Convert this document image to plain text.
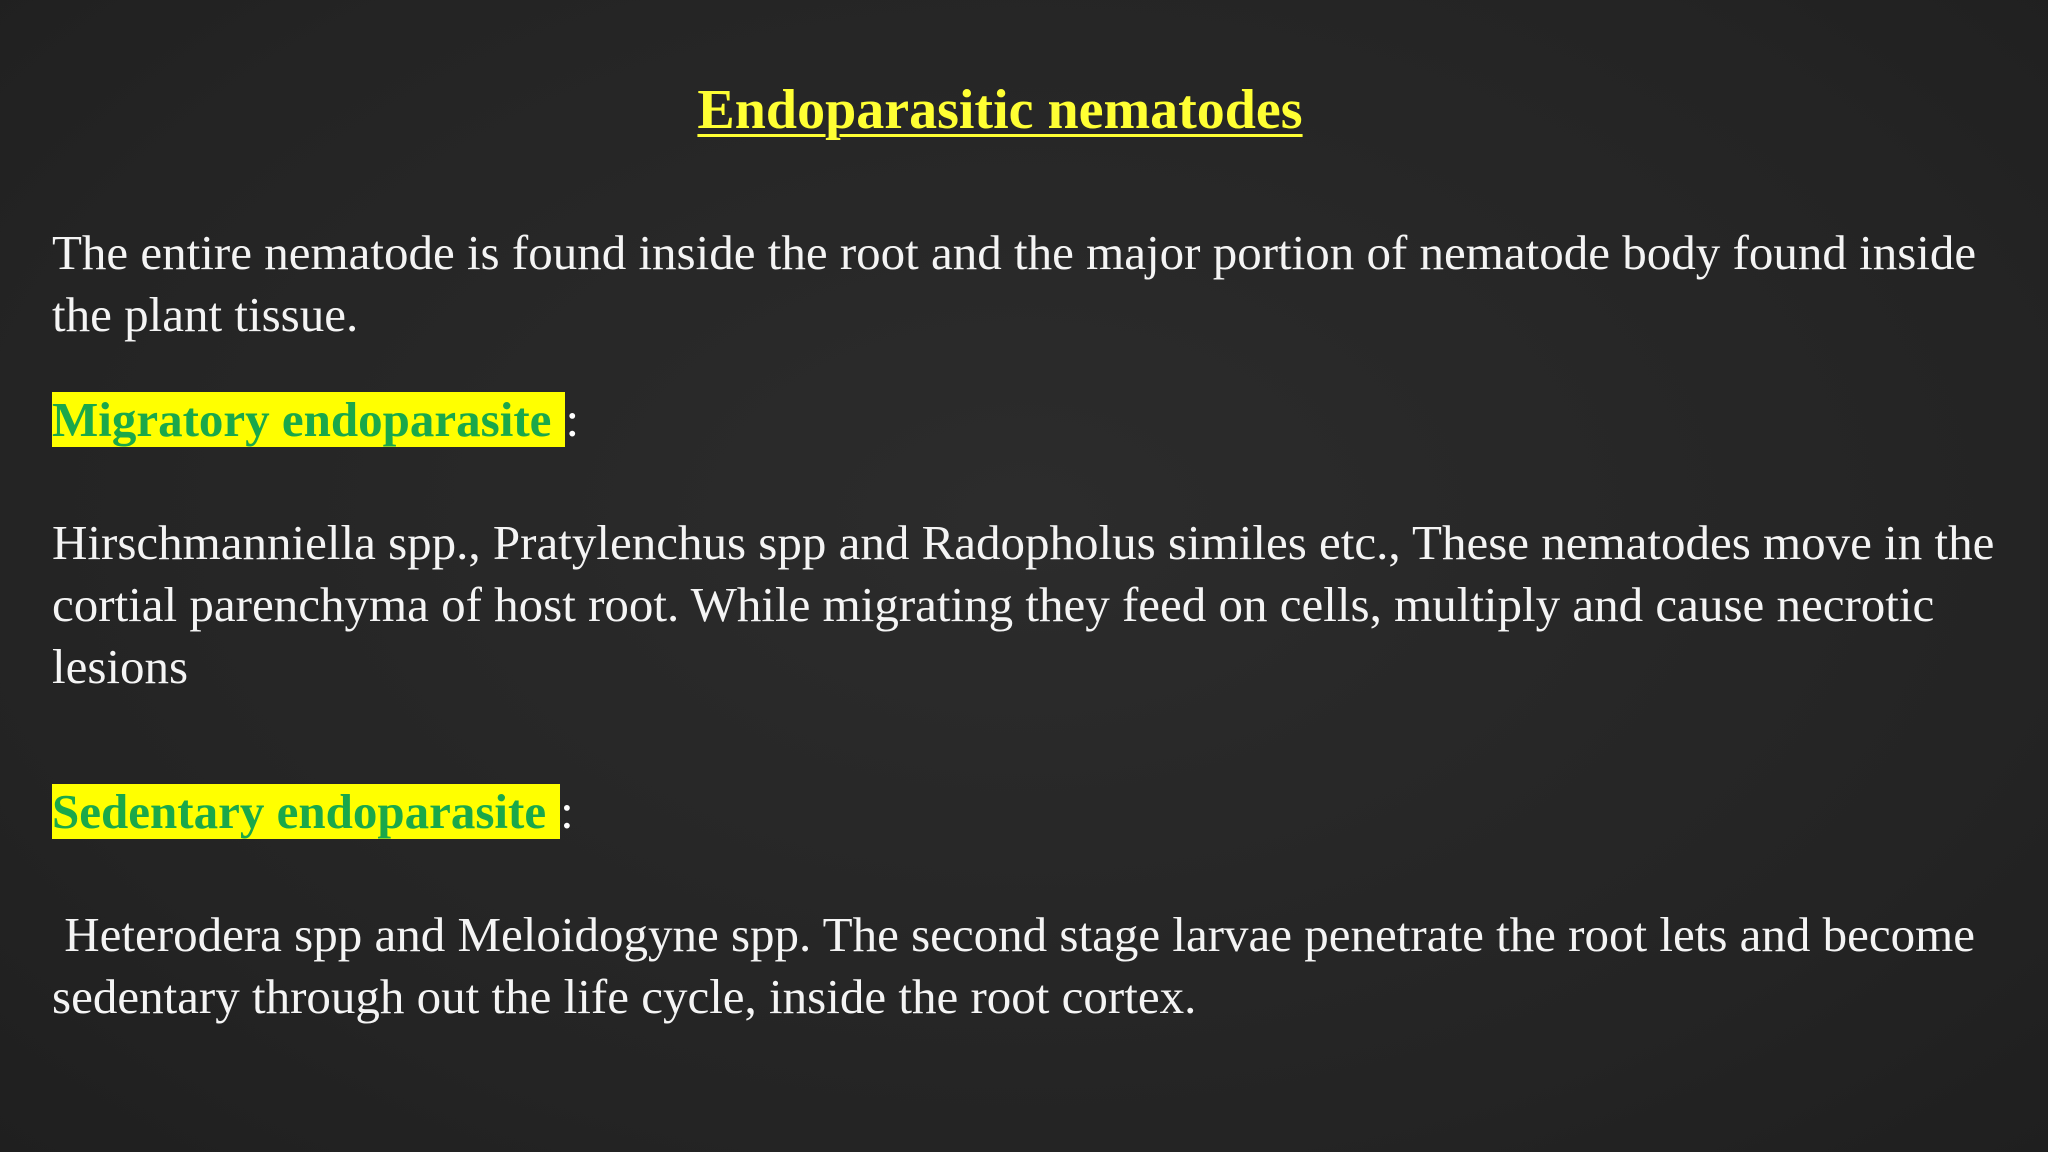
Endoparasitic nematodes

The entire nematode is found inside the root and the major portion of nematode body found inside the plant tissue.

Migratory endoparasite :

Hirschmanniella spp., Pratylenchus spp and Radopholus similes etc., These nematodes move in the cortial parenchyma of host root. While migrating they feed on cells, multiply and cause necrotic lesions

Sedentary endoparasite :

Heterodera spp and Meloidogyne spp. The second stage larvae penetrate the root lets and become sedentary through out the life cycle, inside the root cortex.
